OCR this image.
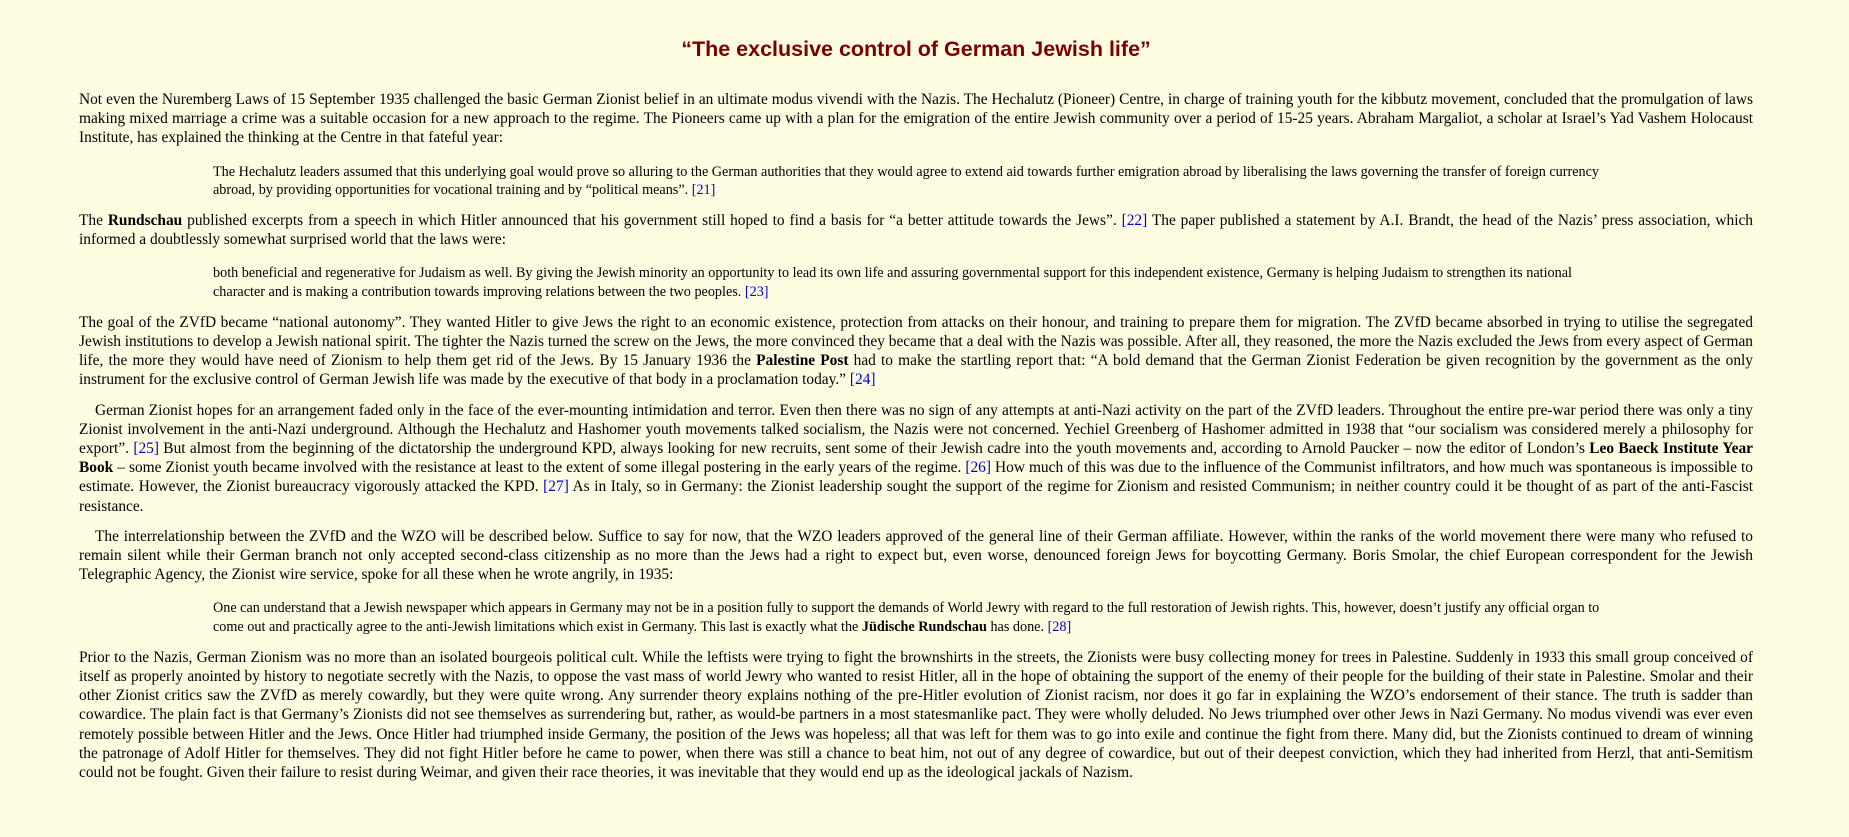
“The exclusive control of German Jewish life”

Not even the Nuremberg Laws of 15 September 1935 challenged the basic German Zionist belief in an ultimate modus vivendi with the Nazis. The Hechalutz (Pioneer) Centre, in charge of training youth for the kibbutz movement, concluded that the promulgation of laws making mixed marriage a crime was a suitable occasion for a new approach to the regime. The Pioneers came up with a plan for the emigration of the entire Jewish community over a period of 15-25 years. Abraham Margaliot, a scholar at Israel’s Yad Vashem Holocaust Institute, has explained the thinking at the Centre in that fateful year:

The Hechalutz leaders assumed that this underlying goal would prove so alluring to the German authorities that they would agree to extend aid towards further emigration abroad by liberalising the laws governing the transfer of foreign currency abroad, by providing opportunities for vocational training and by “political means”. [21]

The Rundschau published excerpts from a speech in which Hitler announced that his government still hoped to find a basis for “a better attitude towards the Jews”. [22] The paper published a statement by A.I. Brandt, the head of the Nazis’ press association, which informed a doubtlessly somewhat surprised world that the laws were:

both beneficial and regenerative for Judaism as well. By giving the Jewish minority an opportunity to lead its own life and assuring governmental support for this independent existence, Germany is helping Judaism to strengthen its national character and is making a contribution towards improving relations between the two peoples. [23]

The goal of the ZVfD became “national autonomy”. They wanted Hitler to give Jews the right to an economic existence, protection from attacks on their honour, and training to prepare them for migration. The ZVfD became absorbed in trying to utilise the segregated Jewish institutions to develop a Jewish national spirit. The tighter the Nazis turned the screw on the Jews, the more convinced they became that a deal with the Nazis was possible. After all, they reasoned, the more the Nazis excluded the Jews from every aspect of German life, the more they would have need of Zionism to help them get rid of the Jews. By 15 January 1936 the Palestine Post had to make the startling report that: “A bold demand that the German Zionist Federation be given recognition by the government as the only instrument for the exclusive control of German Jewish life was made by the executive of that body in a proclamation today.” [24]

German Zionist hopes for an arrangement faded only in the face of the ever-mounting intimidation and terror. Even then there was no sign of any attempts at anti-Nazi activity on the part of the ZVfD leaders. Throughout the entire pre-war period there was only a tiny Zionist involvement in the anti-Nazi underground. Although the Hechalutz and Hashomer youth movements talked socialism, the Nazis were not concerned. Yechiel Greenberg of Hashomer admitted in 1938 that “our socialism was considered merely a philosophy for export”. [25] But almost from the beginning of the dictatorship the underground KPD, always looking for new recruits, sent some of their Jewish cadre into the youth movements and, according to Arnold Paucker – now the editor of London’s Leo Baeck Institute Year Book – some Zionist youth became involved with the resistance at least to the extent of some illegal postering in the early years of the regime. [26] How much of this was due to the influence of the Communist infiltrators, and how much was spontaneous is impossible to estimate. However, the Zionist bureaucracy vigorously attacked the KPD. [27] As in Italy, so in Germany: the Zionist leadership sought the support of the regime for Zionism and resisted Communism; in neither country could it be thought of as part of the anti-Fascist resistance.

The interrelationship between the ZVfD and the WZO will be described below. Suffice to say for now, that the WZO leaders approved of the general line of their German affiliate. However, within the ranks of the world movement there were many who refused to remain silent while their German branch not only accepted second-class citizenship as no more than the Jews had a right to expect but, even worse, denounced foreign Jews for boycotting Germany. Boris Smolar, the chief European correspondent for the Jewish Telegraphic Agency, the Zionist wire service, spoke for all these when he wrote angrily, in 1935:

One can understand that a Jewish newspaper which appears in Germany may not be in a position fully to support the demands of World Jewry with regard to the full restoration of Jewish rights. This, however, doesn’t justify any official organ to come out and practically agree to the anti-Jewish limitations which exist in Germany. This last is exactly what the Jüdische Rundschau has done. [28]

Prior to the Nazis, German Zionism was no more than an isolated bourgeois political cult. While the leftists were trying to fight the brownshirts in the streets, the Zionists were busy collecting money for trees in Palestine. Suddenly in 1933 this small group conceived of itself as properly anointed by history to negotiate secretly with the Nazis, to oppose the vast mass of world Jewry who wanted to resist Hitler, all in the hope of obtaining the support of the enemy of their people for the building of their state in Palestine. Smolar and their other Zionist critics saw the ZVfD as merely cowardly, but they were quite wrong. Any surrender theory explains nothing of the pre-Hitler evolution of Zionist racism, nor does it go far in explaining the WZO’s endorsement of their stance. The truth is sadder than cowardice. The plain fact is that Germany’s Zionists did not see themselves as surrendering but, rather, as would-be partners in a most statesmanlike pact. They were wholly deluded. No Jews triumphed over other Jews in Nazi Germany. No modus vivendi was ever even remotely possible between Hitler and the Jews. Once Hitler had triumphed inside Germany, the position of the Jews was hopeless; all that was left for them was to go into exile and continue the fight from there. Many did, but the Zionists continued to dream of winning the patronage of Adolf Hitler for themselves. They did not fight Hitler before he came to power, when there was still a chance to beat him, not out of any degree of cowardice, but out of their deepest conviction, which they had inherited from Herzl, that anti-Semitism could not be fought. Given their failure to resist during Weimar, and given their race theories, it was inevitable that they would end up as the ideological jackals of Nazism.
